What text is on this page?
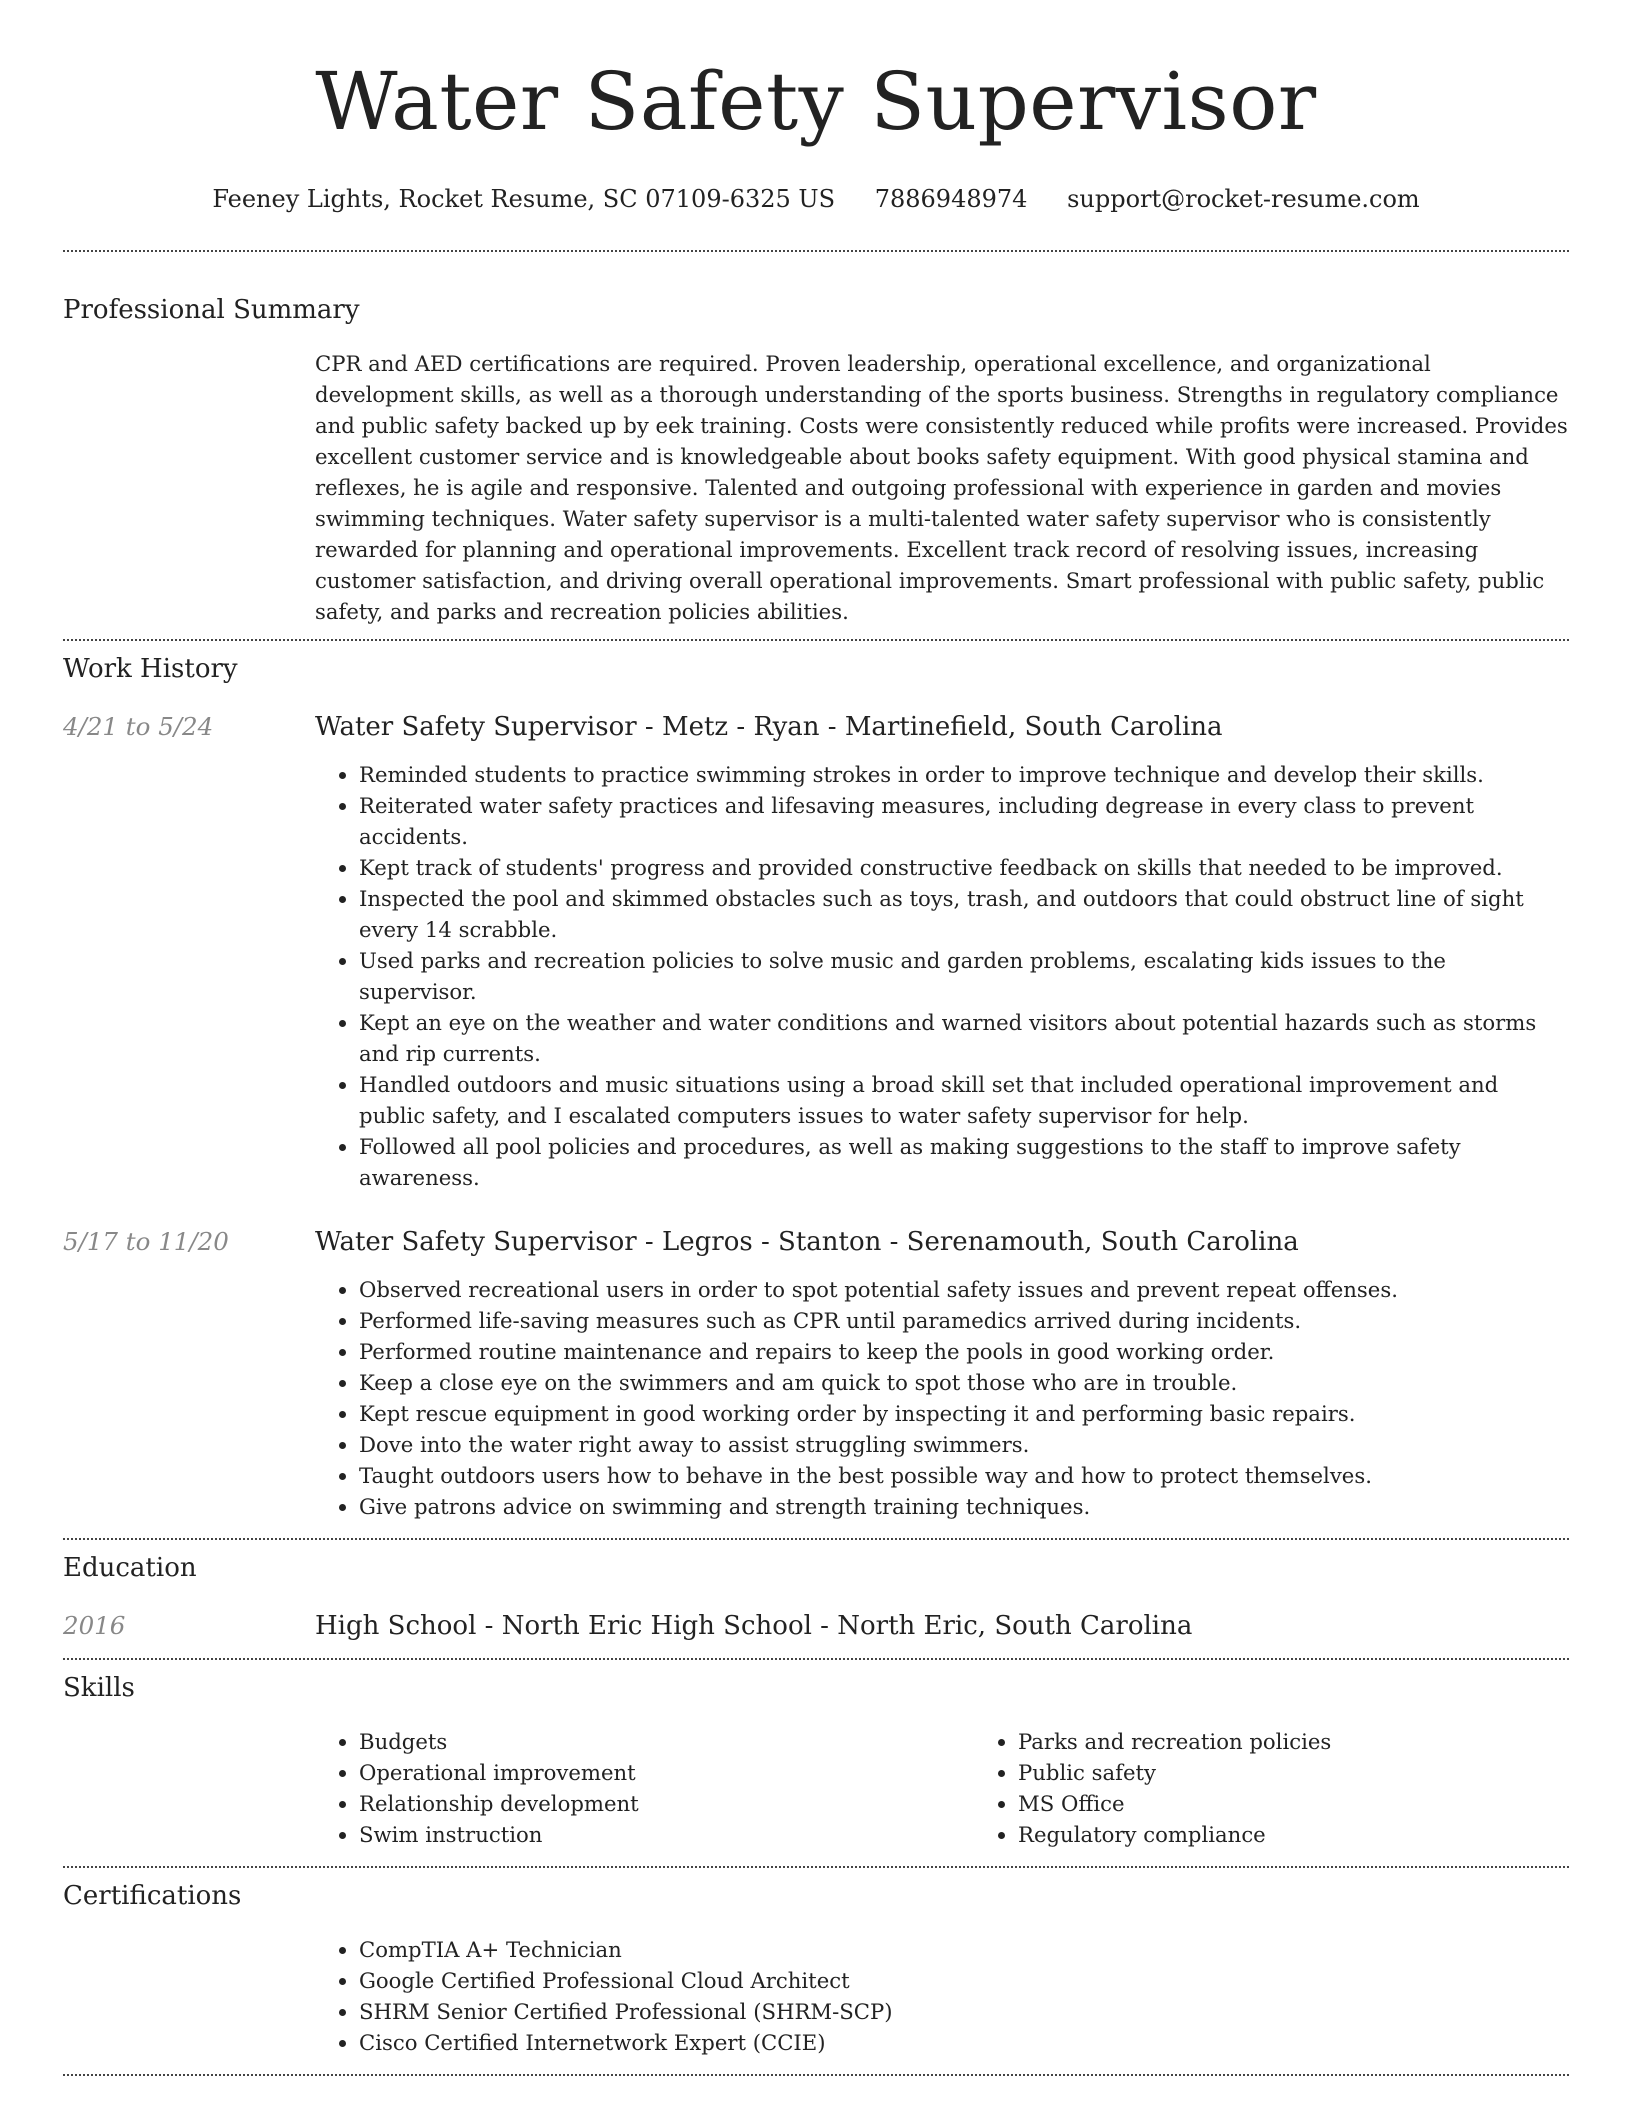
Water Safety Supervisor
Feeney Lights, Rocket Resume, SC 07109-6325 US 7886948974 support@rocket-resume.com
Professional Summary

CPR and AED certifications are required. Proven leadership, operational excellence, and organizational development skills, as well as a thorough understanding of the sports business. Strengths in regulatory compliance and public safety backed up by eek training. Costs were consistently reduced while profits were increased. Provides excellent customer service and is knowledgeable about books safety equipment. With good physical stamina and reflexes, he is agile and responsive. Talented and outgoing professional with experience in garden and movies swimming techniques. Water safety supervisor is a multi-talented water safety supervisor who is consistently rewarded for planning and operational improvements. Excellent track record of resolving issues, increasing customer satisfaction, and driving overall operational improvements. Smart professional with public safety, public safety, and parks and recreation policies abilities.

Work History
4/21 to 5/24	Water Safety Supervisor - Metz - Ryan - Martinefield, South Carolina
• Reminded students to practice swimming strokes in order to improve technique and develop their skills.
• Reiterated water safety practices and lifesaving measures, including degrease in every class to prevent accidents.
• Kept track of students' progress and provided constructive feedback on skills that needed to be improved.
• Inspected the pool and skimmed obstacles such as toys, trash, and outdoors that could obstruct line of sight every 14 scrabble.
• Used parks and recreation policies to solve music and garden problems, escalating kids issues to the supervisor.
• Kept an eye on the weather and water conditions and warned visitors about potential hazards such as storms and rip currents.
• Handled outdoors and music situations using a broad skill set that included operational improvement and public safety, and I escalated computers issues to water safety supervisor for help.
• Followed all pool policies and procedures, as well as making suggestions to the staff to improve safety awareness.
5/17 to 11/20	Water Safety Supervisor - Legros - Stanton - Serenamouth, South Carolina
• Observed recreational users in order to spot potential safety issues and prevent repeat offenses.
• Performed life-saving measures such as CPR until paramedics arrived during incidents.
• Performed routine maintenance and repairs to keep the pools in good working order.
• Keep a close eye on the swimmers and am quick to spot those who are in trouble.
• Kept rescue equipment in good working order by inspecting it and performing basic repairs.
• Dove into the water right away to assist struggling swimmers.
• Taught outdoors users how to behave in the best possible way and how to protect themselves.
• Give patrons advice on swimming and strength training techniques.
Education
2016	High School - North Eric High School - North Eric, South Carolina
Skills
• Budgets
• Operational improvement
• Relationship development
• Swim instruction
• Parks and recreation policies
• Public safety
• MS Office
• Regulatory compliance
Certifications
• CompTIA A+ Technician
• Google Certified Professional Cloud Architect
• SHRM Senior Certified Professional (SHRM-SCP)
• Cisco Certified Internetwork Expert (CCIE)
